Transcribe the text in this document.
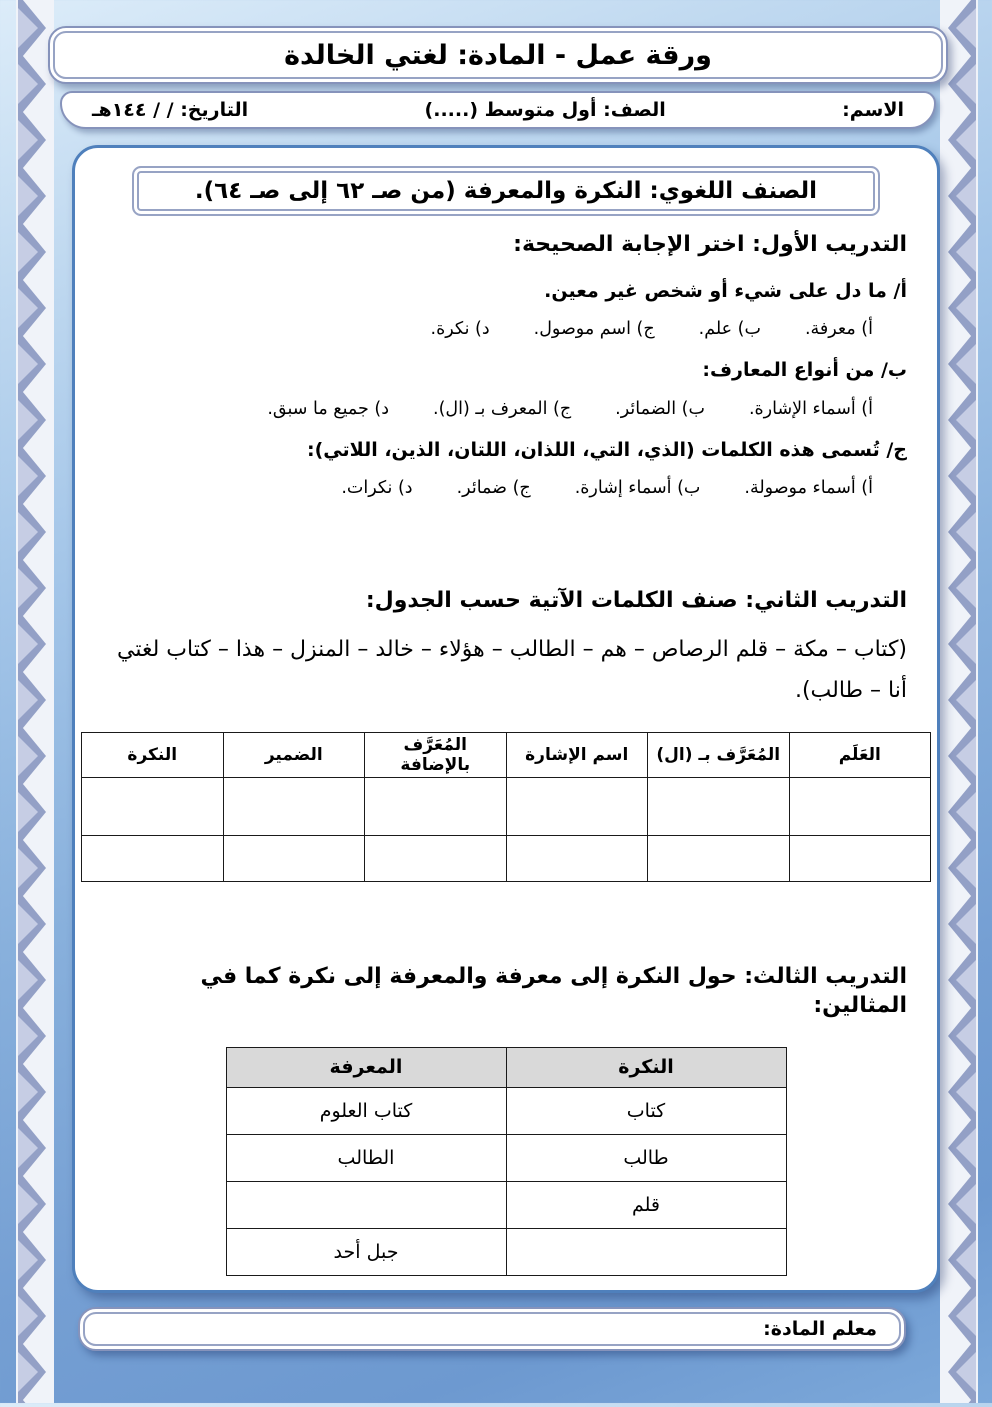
ورقة عمل - المادة: لغتي الخالدة
الاسم:
الصف: أول متوسط (.....)
التاريخ: / / ١٤٤هـ
الصنف اللغوي: النكرة والمعرفة (من صـ ٦٢ إلى صـ ٦٤).
التدريب الأول: اختر الإجابة الصحيحة:
أ/ ما دل على شيء أو شخص غير معين.
أ) معرفة.
ب) علم.
ج) اسم موصول.
د) نكرة.
ب/ من أنواع المعارف:
أ) أسماء الإشارة.
ب) الضمائر.
ج) المعرف بـ (ال).
د) جميع ما سبق.
ج/ تُسمى هذه الكلمات (الذي، التي، اللذان، اللتان، الذين، اللاتي):
أ) أسماء موصولة.
ب) أسماء إشارة.
ج) ضمائر.
د) نكرات.
التدريب الثاني: صنف الكلمات الآتية حسب الجدول:
(كتاب – مكة – قلم الرصاص – هم – الطالب – هؤلاء – خالد – المنزل – هذا – كتاب لغتي أنا – طالب).
العَلَم	المُعَرَّف بـ (ال)	اسم الإشارة	المُعَرَّف بالإضافة	الضمير	النكرة

التدريب الثالث: حول النكرة إلى معرفة والمعرفة إلى نكرة كما في المثالين:
النكرة	المعرفة
كتاب	كتاب العلوم
طالب	الطالب
قلم	
	جبل أحد
معلم المادة:
